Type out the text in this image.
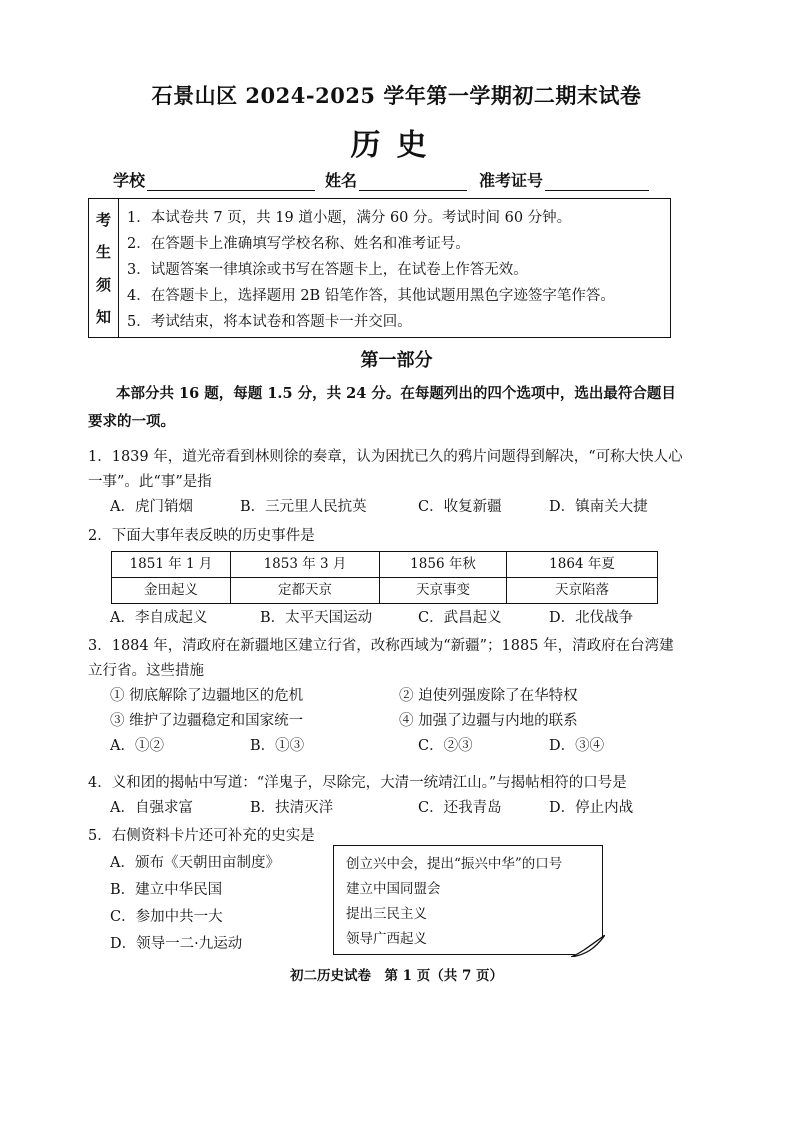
石景山区 2024-2025 学年第一学期初二期末试卷
历史
学校	姓名	准考证号
考
生
须
知
1．本试卷共 7 页，共 19 道小题，满分 60 分。考试时间 60 分钟。
2．在答题卡上准确填写学校名称、姓名和准考证号。
3．试题答案一律填涂或书写在答题卡上，在试卷上作答无效。
4．在答题卡上，选择题用 2B 铅笔作答，其他试题用黑色字迹签字笔作答。
5．考试结束，将本试卷和答题卡一并交回。
第一部分
本部分共 16 题，每题 1.5 分，共 24 分。在每题列出的四个选项中，选出最符合题目要求的一项。
1．1839 年，道光帝看到林则徐的奏章，认为困扰已久的鸦片问题得到解决，“可称大快人心一事”。此“事”是指
A．虎门销烟	B．三元里人民抗英	C．收复新疆	D．镇南关大捷
2．下面大事年表反映的历史事件是
1851 年 1 月	1853 年 3 月	1856 年秋	1864 年夏
金田起义	定都天京	天京事变	天京陷落
A．李自成起义	B．太平天国运动	C．武昌起义	D．北伐战争
3．1884 年，清政府在新疆地区建立行省，改称西域为“新疆”；1885 年，清政府在台湾建立行省。这些措施
① 彻底解除了边疆地区的危机	② 迫使列强废除了在华特权
③ 维护了边疆稳定和国家统一	④ 加强了边疆与内地的联系
A．①②	B．①③	C．②③	D．③④
4．义和团的揭帖中写道：“洋鬼子，尽除完，大清一统靖江山。”与揭帖相符的口号是
A．自强求富	B．扶清灭洋	C．还我青岛	D．停止内战
5．右侧资料卡片还可补充的史实是
A．颁布《天朝田亩制度》
B．建立中华民国
C．参加中共一大
D．领导一二·九运动
创立兴中会，提出“振兴中华”的口号
建立中国同盟会
提出三民主义
领导广西起义
初二历史试卷　第 1 页（共 7 页）
